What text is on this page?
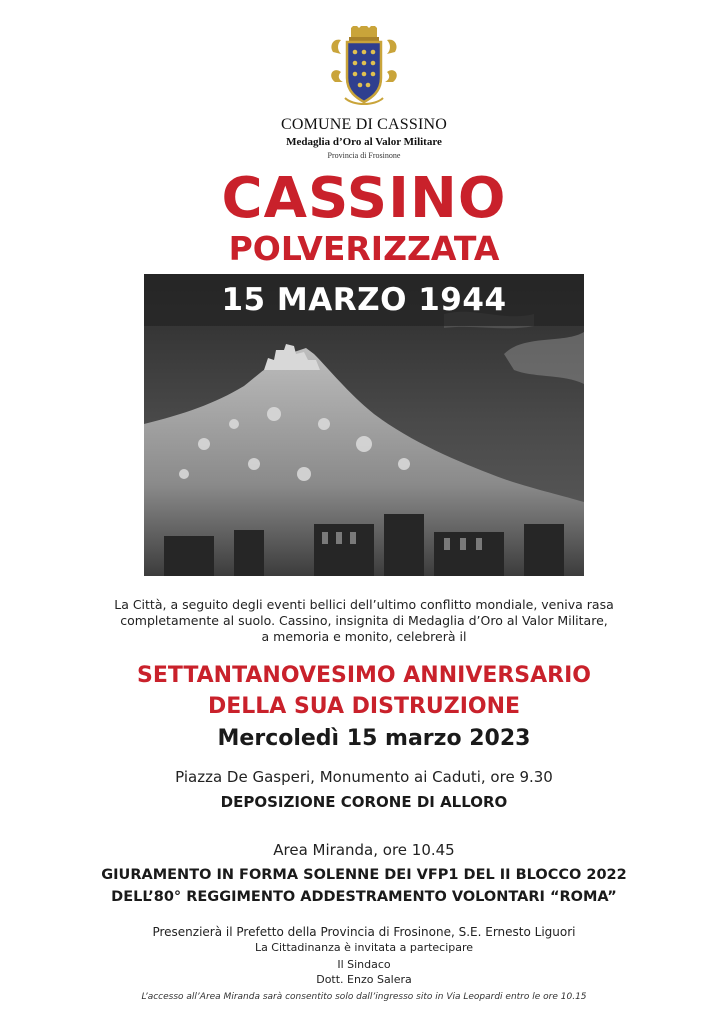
COMUNE DI CASSINO
Medaglia d’Oro al Valor Militare
Provincia di Frosinone
CASSINO
POLVERIZZATA
15 MARZO 1944
La Città, a seguito degli eventi bellici dell’ultimo conflitto mondiale, veniva rasa
completamente al suolo. Cassino, insignita di Medaglia d’Oro al Valor Militare,
a memoria e monito, celebrerà il
SETTANTANOVESIMO ANNIVERSARIO
DELLA SUA DISTRUZIONE
Mercoledì 15 marzo 2023
Piazza De Gasperi, Monumento ai Caduti, ore 9.30
DEPOSIZIONE CORONE DI ALLORO
Area Miranda, ore 10.45
GIURAMENTO IN FORMA SOLENNE DEI VFP1 DEL II BLOCCO 2022
DELL’80° REGGIMENTO ADDESTRAMENTO VOLONTARI “ROMA”
Presenzierà il Prefetto della Provincia di Frosinone, S.E. Ernesto Liguori
La Cittadinanza è invitata a partecipare
Il Sindaco
Dott. Enzo Salera
L’accesso all’Area Miranda sarà consentito solo dall’ingresso sito in Via Leopardi entro le ore 10.15
